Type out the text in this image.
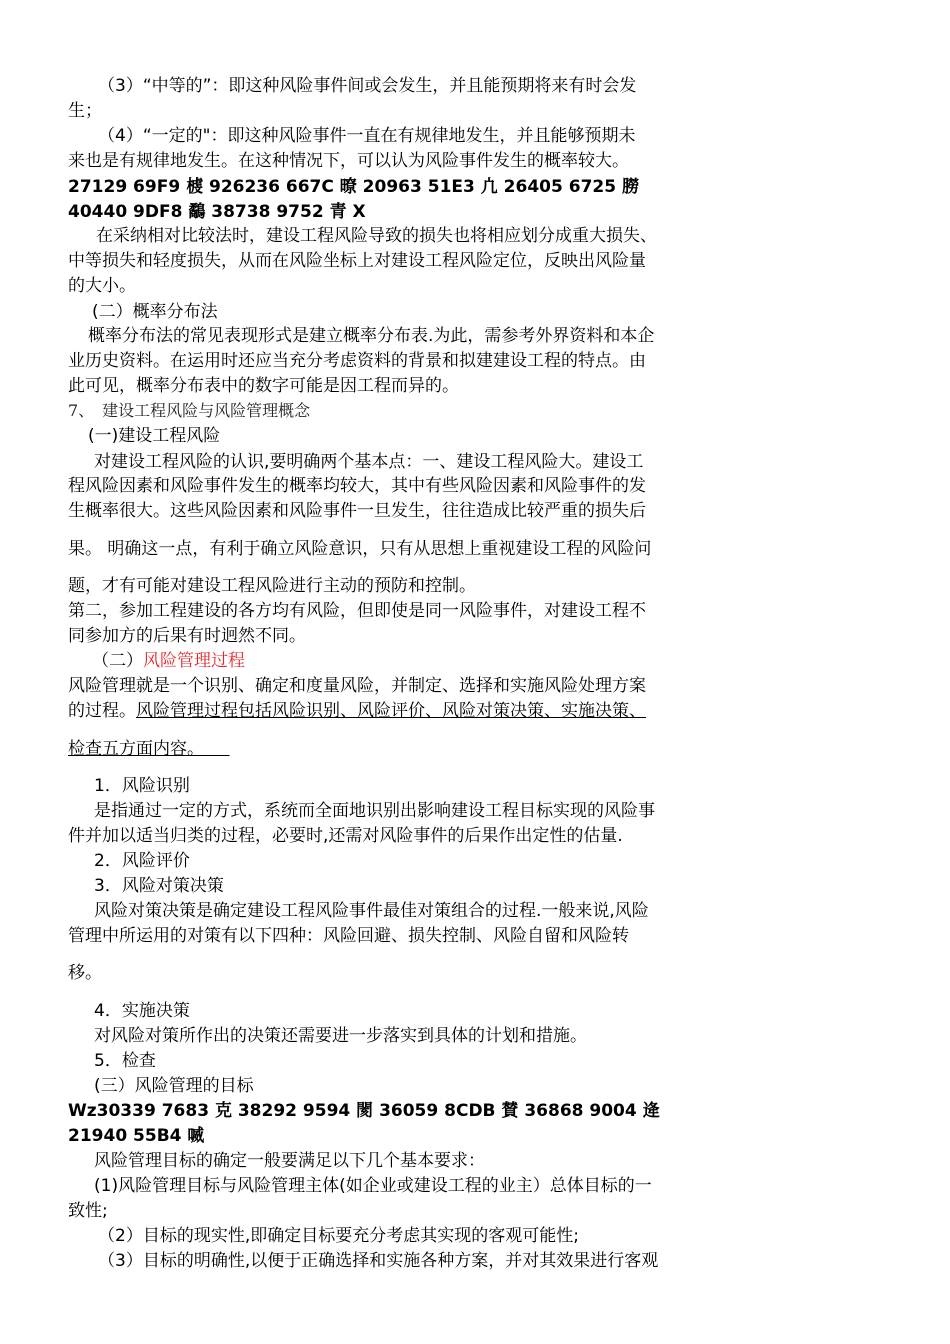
（3）“中等的”：即这种风险事件间或会发生，并且能预期将来有时会发
生；
（4）“一定的"：即这种风险事件一直在有规律地发生，并且能够预期未
来也是有规律地发生。在这种情况下，可以认为风险事件发生的概率较大。
27129 69F9 榩 926236 667C 暸 20963 51E3 凣 26405 6725 朥
40440 9DF8 鷸 38738 9752 青 X
在采纳相对比较法时，建设工程风险导致的损失也将相应划分成重大损失、
中等损失和轻度损失，从而在风险坐标上对建设工程风险定位，反映出风险量
的大小。
(二）概率分布法
概率分布法的常见表现形式是建立概率分布表.为此，需参考外界资料和本企
业历史资料。在运用时还应当充分考虑资料的背景和拟建建设工程的特点。由
此可见，概率分布表中的数字可能是因工程而异的。
7、　建设工程风险与风险管理概念
(一)建设工程风险
对建设工程风险的认识,要明确两个基本点：一、建设工程风险大。建设工
程风险因素和风险事件发生的概率均较大，其中有些风险因素和风险事件的发
生概率很大。这些风险因素和风险事件一旦发生，往往造成比较严重的损失后
果。 明确这一点，有利于确立风险意识，只有从思想上重视建设工程的风险问
题，才有可能对建设工程风险进行主动的预防和控制。
第二，参加工程建设的各方均有风险，但即使是同一风险事件，对建设工程不
同参加方的后果有时迥然不同。
（二）风险管理过程
风险管理就是一个识别、确定和度量风险，并制定、选择和实施风险处理方案
的过程。风险管理过程包括风险识别、风险评价、风险对策决策、实施决策、
检查五方面内容。　　
1．风险识别
是指通过一定的方式，系统而全面地识别出影响建设工程目标实现的风险事
件并加以适当归类的过程，必要时,还需对风险事件的后果作出定性的估量.
2．风险评价
3．风险对策决策
风险对策决策是确定建设工程风险事件最佳对策组合的过程.一般来说,风险
管理中所运用的对策有以下四种：风险回避、损失控制、风险自留和风险转
移。
4．实施决策
对风险对策所作出的决策还需要进一步落实到具体的计划和措施。
5．检查
(三）风险管理的目标
Wz30339 7683 克 38292 9594 閡 36059 8CDB 賛 36868 9004 逄
21940 55B4 喴
风险管理目标的确定一般要满足以下几个基本要求：
(1)风险管理目标与风险管理主体(如企业或建设工程的业主）总体目标的一
致性;
（2）目标的现实性,即确定目标要充分考虑其实现的客观可能性;
（3）目标的明确性,以便于正确选择和实施各种方案，并对其效果进行客观
